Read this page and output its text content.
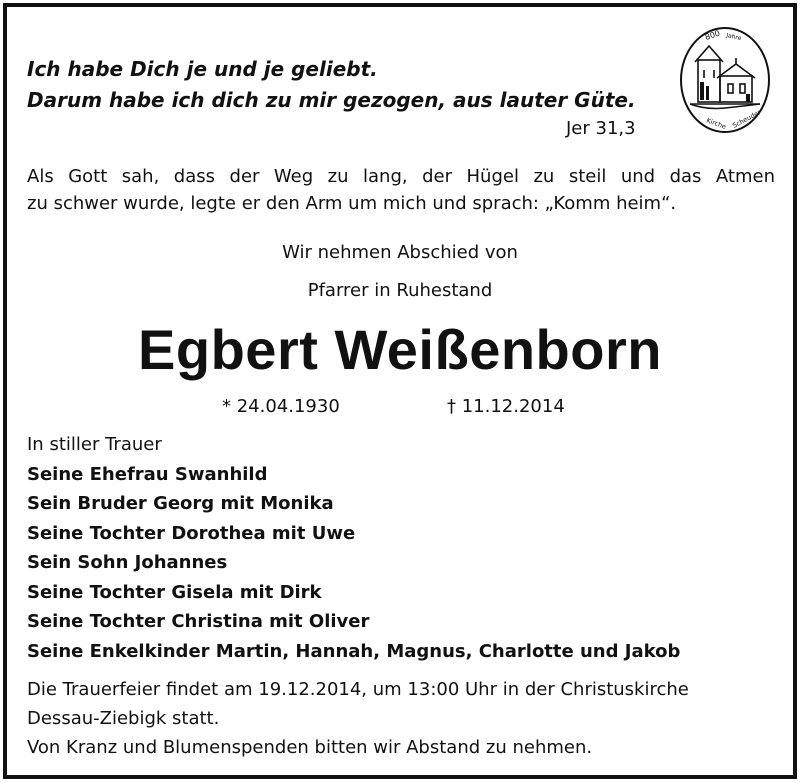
Ich habe Dich je und je geliebt.
Darum habe ich dich zu mir gezogen, aus lauter Güte.
Jer 31,3
800 Jahre
Kirche Scheuder
Als Gott sah, dass der Weg zu lang, der Hügel zu steil und das Atmen
zu schwer wurde, legte er den Arm um mich und sprach: „Komm heim“.
Wir nehmen Abschied von
Pfarrer in Ruhestand
Egbert Weißenborn
* 24.04.1930	† 11.12.2014
In stiller Trauer
Seine Ehefrau Swanhild
Sein Bruder Georg mit Monika
Seine Tochter Dorothea mit Uwe
Sein Sohn Johannes
Seine Tochter Gisela mit Dirk
Seine Tochter Christina mit Oliver
Seine Enkelkinder Martin, Hannah, Magnus, Charlotte und Jakob
Die Trauerfeier findet am 19.12.2014, um 13:00 Uhr in der Christuskirche
Dessau-Ziebigk statt.
Von Kranz und Blumenspenden bitten wir Abstand zu nehmen.
